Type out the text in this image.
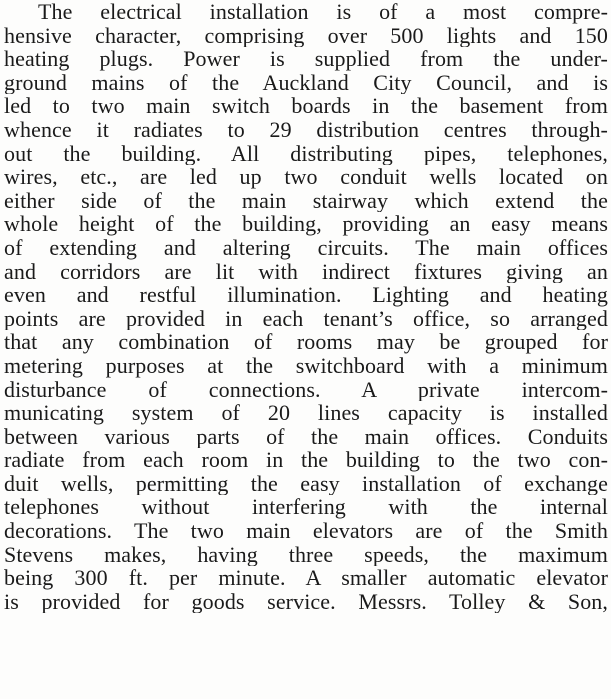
The electrical installation is of a most compre-
hensive character, comprising over 500 lights and 150
heating plugs. Power is supplied from the under-
ground mains of the Auckland City Council, and is
led to two main switch boards in the basement from
whence it radiates to 29 distribution centres through-
out the building. All distributing pipes, telephones,
wires, etc., are led up two conduit wells located on
either side of the main stairway which extend the
whole height of the building, providing an easy means
of extending and altering circuits. The main offices
and corridors are lit with indirect fixtures giving an
even and restful illumination. Lighting and heating
points are provided in each tenant’s office, so arranged
that any combination of rooms may be grouped for
metering purposes at the switchboard with a minimum
disturbance of connections. A private intercom-
municating system of 20 lines capacity is installed
between various parts of the main offices. Conduits
radiate from each room in the building to the two con-
duit wells, permitting the easy installation of exchange
telephones without interfering with the internal
decorations. The two main elevators are of the Smith
Stevens makes, having three speeds, the maximum
being 300 ft. per minute. A smaller automatic elevator
is provided for goods service. Messrs. Tolley & Son,
